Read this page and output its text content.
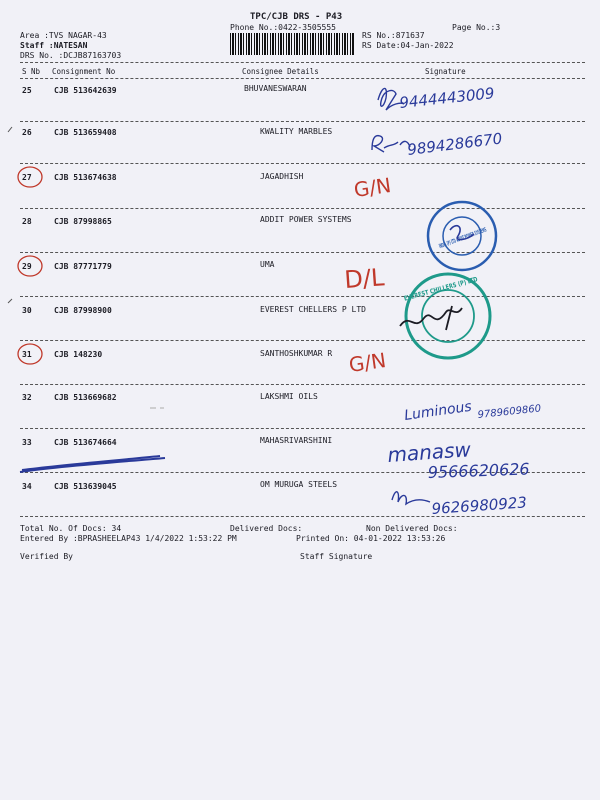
TPC/CJB DRS - P43
Phone No.:0422-3505555	Page No.:3
Area :TVS NAGAR-43
Staff :NATESAN
DRS No. :DCJB87163703
RS No.:871637
RS Date:04-Jan-2022
S Nb Consignment No	Consignee Details	Signature
25	CJB 513642639	BHUVANESWARAN
26	CJB 513659408	KWALITY MARBLES
27	CJB 513674638	JAGADHISH
28	CJB 87998865	ADDIT POWER SYSTEMS
29	CJB 87771779	UMA
30	CJB 87998900	EVEREST CHELLERS P LTD
31	CJB 148230	SANTHOSHKUMAR R
32	CJB 513669682	LAKSHMI OILS
33	CJB 513674664	MAHASRIVARSHINI
34	CJB 513639045	OM MURUGA STEELS
Total No. Of Docs: 34	Delivered Docs:	Non Delivered Docs:
Entered By :BPRASHEELAP43 1/4/2022 1:53:22 PM	Printed On: 04-01-2022 13:53:26
Verified By	Staff Signature
9444443009
9894286670
G/N
INDIA (P) LTD ADDIT POWER SYSTEMS
D/L	EVEREST CHILLERS (P) LTD
G/N
Luminous 9789609860
manasw
9566620626
9626980923
